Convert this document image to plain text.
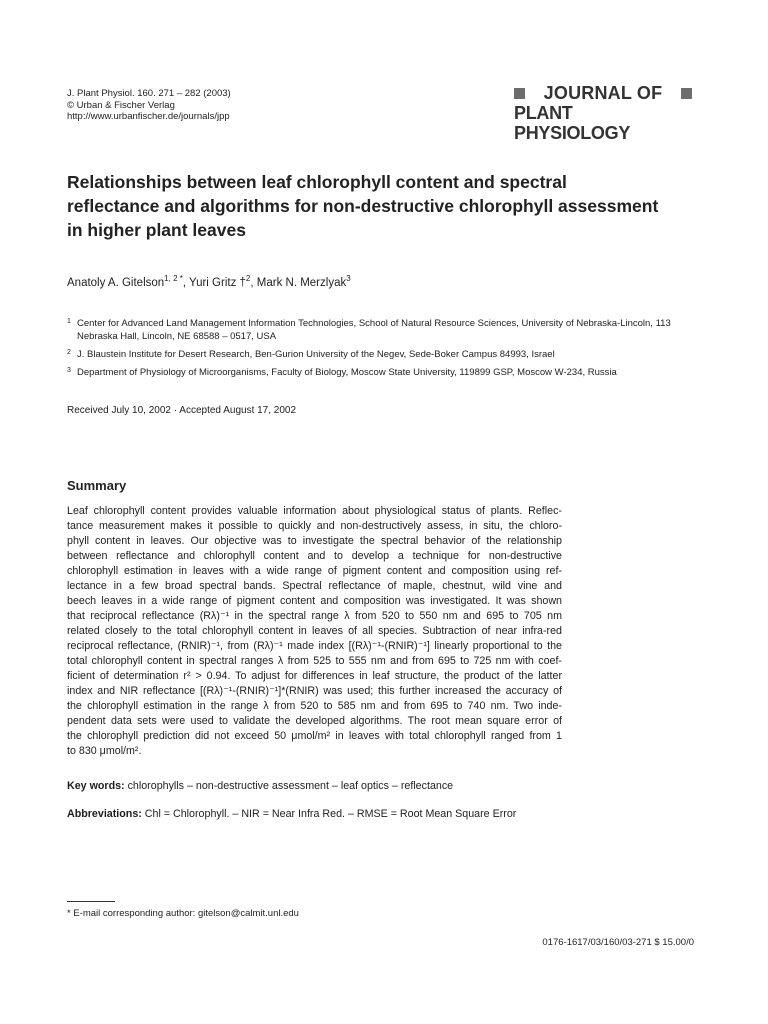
J. Plant Physiol. 160. 271 – 282 (2003)
© Urban & Fischer Verlag
http://www.urbanfischer.de/journals/jpp
JOURNAL OF
PLANT PHYSIOLOGY
Relationships between leaf chlorophyll content and spectral
reflectance and algorithms for non-destructive chlorophyll assessment
in higher plant leaves
Anatoly A. Gitelson$^{1, 2 *}$, Yuri Gritz †$^2$, Mark N. Merzlyak$^3$
1 Center for Advanced Land Management Information Technologies, School of Natural Resource Sciences, University of Nebraska-Lincoln, 113
Nebraska Hall, Lincoln, NE 68588 – 0517, USA
2 J. Blaustein Institute for Desert Research, Ben-Gurion University of the Negev, Sede-Boker Campus 84993, Israel
3 Department of Physiology of Microorganisms, Faculty of Biology, Moscow State University, 119899 GSP, Moscow W-234, Russia
Received July 10, 2002 · Accepted August 17, 2002
Summary
Leaf chlorophyll content provides valuable information about physiological status of plants. Reflec-
tance measurement makes it possible to quickly and non-destructively assess, in situ, the chloro-
phyll content in leaves. Our objective was to investigate the spectral behavior of the relationship
between reflectance and chlorophyll content and to develop a technique for non-destructive
chlorophyll estimation in leaves with a wide range of pigment content and composition using ref-
lectance in a few broad spectral bands. Spectral reflectance of maple, chestnut, wild vine and
beech leaves in a wide range of pigment content and composition was investigated. It was shown
that reciprocal reflectance (Rλ)⁻¹ in the spectral range λ from 520 to 550 nm and 695 to 705 nm
related closely to the total chlorophyll content in leaves of all species. Subtraction of near infra-red
reciprocal reflectance, (RNIR)⁻¹, from (Rλ)⁻¹ made index [(Rλ)⁻¹-(RNIR)⁻¹] linearly proportional to the
total chlorophyll content in spectral ranges λ from 525 to 555 nm and from 695 to 725 nm with coef-
ficient of determination r² > 0.94. To adjust for differences in leaf structure, the product of the latter
index and NIR reflectance [(Rλ)⁻¹-(RNIR)⁻¹]*(RNIR) was used; this further increased the accuracy of
the chlorophyll estimation in the range λ from 520 to 585 nm and from 695 to 740 nm. Two inde-
pendent data sets were used to validate the developed algorithms. The root mean square error of
the chlorophyll prediction did not exceed 50 μmol/m² in leaves with total chlorophyll ranged from 1
to 830 μmol/m².
Key words: chlorophylls – non-destructive assessment – leaf optics – reflectance
Abbreviations: Chl = Chlorophyll. – NIR = Near Infra Red. – RMSE = Root Mean Square Error
* E-mail corresponding author: gitelson@calmit.unl.edu
0176-1617/03/160/03-271 $ 15.00/0
